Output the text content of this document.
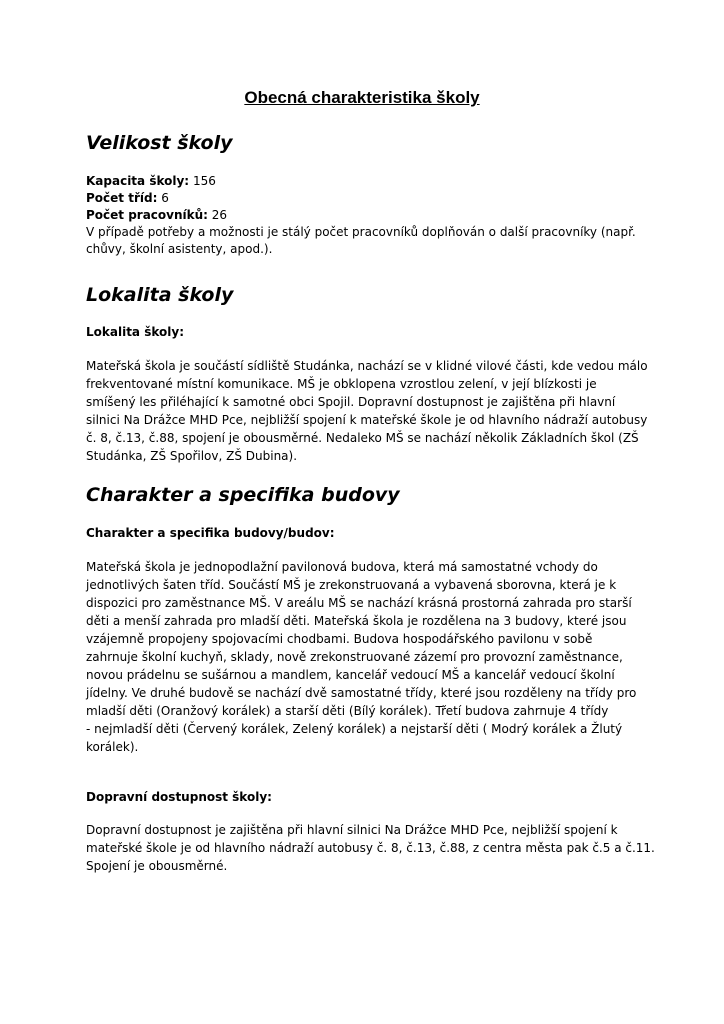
Obecná charakteristika školy
Velikost školy

Kapacita školy: 156

Počet tříd: 6

Počet pracovníků: 26

V případě potřeby a možnosti je stálý počet pracovníků doplňován o další pracovníky (např.
chůvy, školní asistenty, apod.).

Lokalita školy
Lokalita školy:

Mateřská škola je součástí sídliště Studánka, nachází se v klidné vilové části, kde vedou málo
frekventované místní komunikace. MŠ je obklopena vzrostlou zelení, v její blízkosti je
smíšený les přiléhající k samotné obci Spojil. Dopravní dostupnost je zajištěna při hlavní
silnici Na Drážce MHD Pce, nejbližší spojení k mateřské škole je od hlavního nádraží autobusy
č. 8, č.13, č.88, spojení je obousměrné. Nedaleko MŠ se nachází několik Základních škol (ZŠ
Studánka, ZŠ Spořilov, ZŠ Dubina).

Charakter a specifika budovy
Charakter a specifika budovy/budov:

Mateřská škola je jednopodlažní pavilonová budova, která má samostatné vchody do
jednotlivých šaten tříd. Součástí MŠ je zrekonstruovaná a vybavená sborovna, která je k
dispozici pro zaměstnance MŠ. V areálu MŠ se nachází krásná prostorná zahrada pro starší
děti a menší zahrada pro mladší děti. Mateřská škola je rozdělena na 3 budovy, které jsou
vzájemně propojeny spojovacími chodbami. Budova hospodářského pavilonu v sobě
zahrnuje školní kuchyň, sklady, nově zrekonstruované zázemí pro provozní zaměstnance,
novou prádelnu se sušárnou a mandlem, kancelář vedoucí MŠ a kancelář vedoucí školní
jídelny. Ve druhé budově se nachází dvě samostatné třídy, které jsou rozděleny na třídy pro
mladší děti (Oranžový korálek) a starší děti (Bílý korálek). Třetí budova zahrnuje 4 třídy
- nejmladší děti (Červený korálek, Zelený korálek) a nejstarší děti ( Modrý korálek a Žlutý
korálek).

Dopravní dostupnost školy:

Dopravní dostupnost je zajištěna při hlavní silnici Na Drážce MHD Pce, nejbližší spojení k
mateřské škole je od hlavního nádraží autobusy č. 8, č.13, č.88, z centra města pak č.5 a č.11.
Spojení je obousměrné.
